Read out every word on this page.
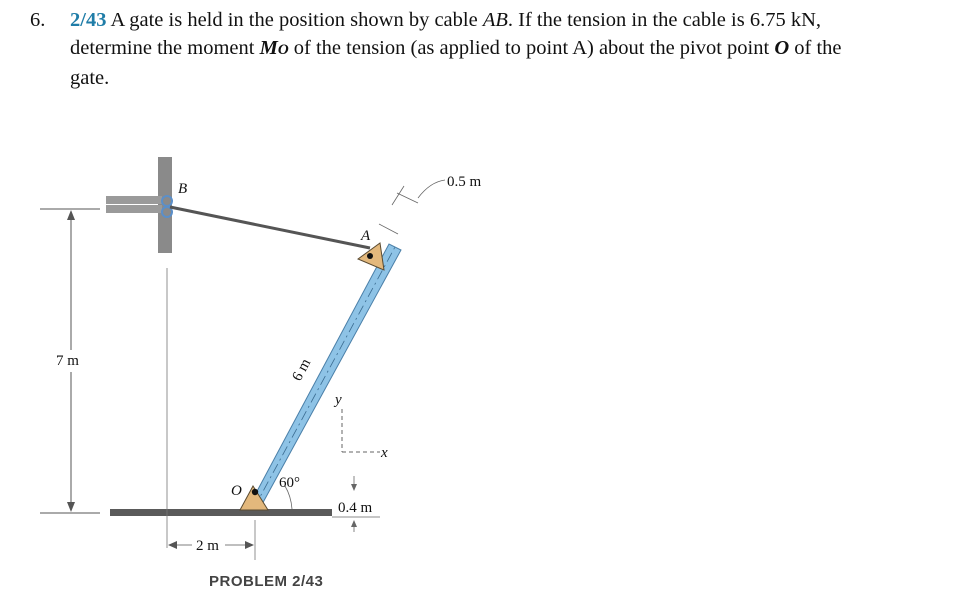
6. 2/43 A gate is held in the position shown by cable AB. If the tension in the cable is 6.75 kN,
determine the moment MO of the tension (as applied to point A) about the pivot point O of the
gate.
7 m
60°
0.5 m
y
x
0.4 m
2 m
B
A
O
6 m
PROBLEM 2/43
